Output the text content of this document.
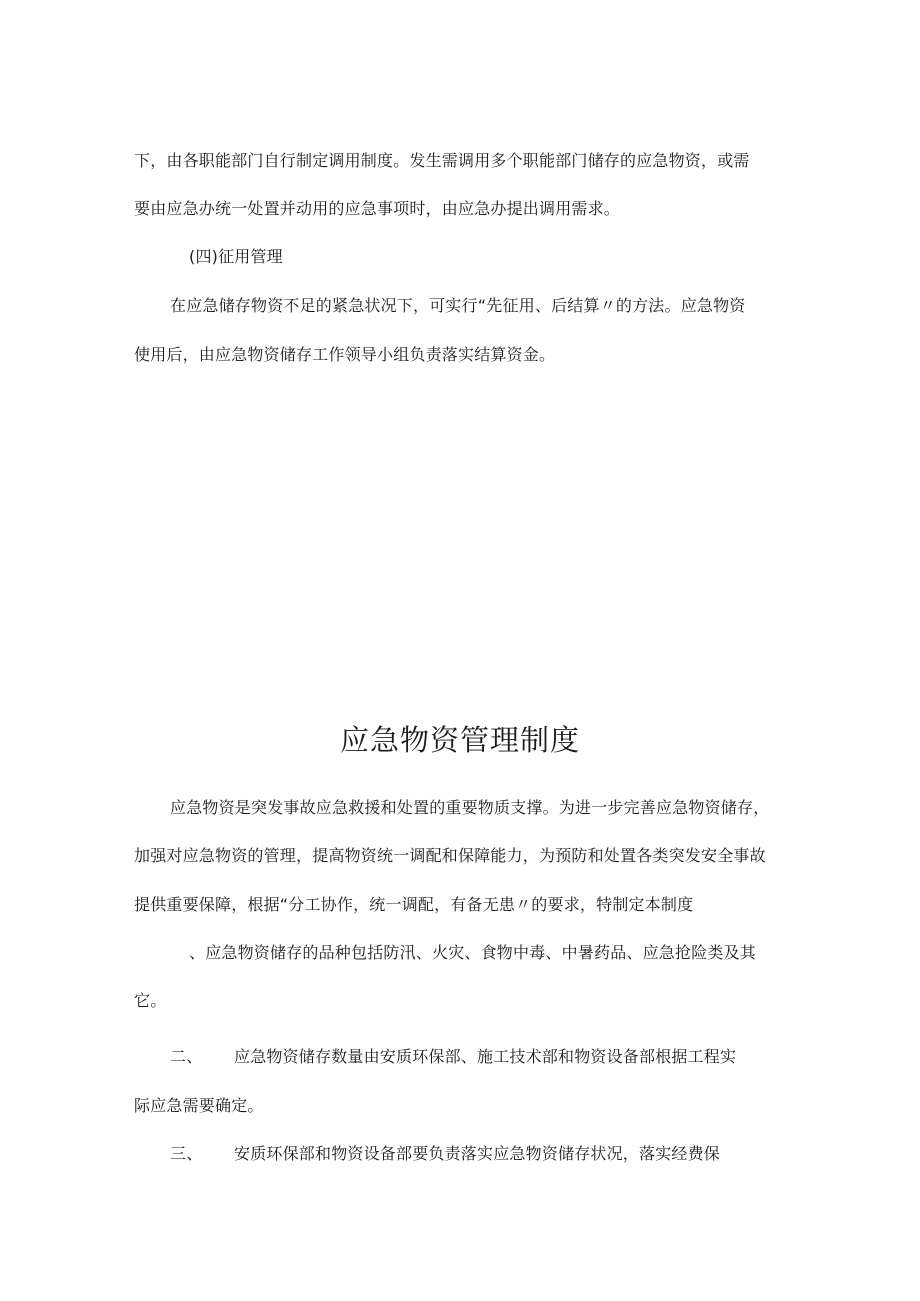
下，由各职能部门自行制定调用制度。发生需调用多个职能部门储存的应急物资，或需
要由应急办统一处置并动用的应急事项时，由应急办提出调用需求。
(四)征用管理
在应急储存物资不足的紧急状况下，可实行“先征用、后结算〃的方法。应急物资
使用后，由应急物资储存工作领导小组负责落实结算资金。
应急物资管理制度
应急物资是突发事故应急救援和处置的重要物质支撑。为进一步完善应急物资储存，
加强对应急物资的管理，提高物资统一调配和保障能力，为预防和处置各类突发安全事故
提供重要保障，根据“分工协作，统一调配，有备无患〃的要求，特制定本制度
、应急物资储存的品种包括防汛、火灾、食物中毒、中暑药品、应急抢险类及其
它。
二、 应急物资储存数量由安质环保部、施工技术部和物资设备部根据工程实
际应急需要确定。
三、 安质环保部和物资设备部要负责落实应急物资储存状况，落实经费保
